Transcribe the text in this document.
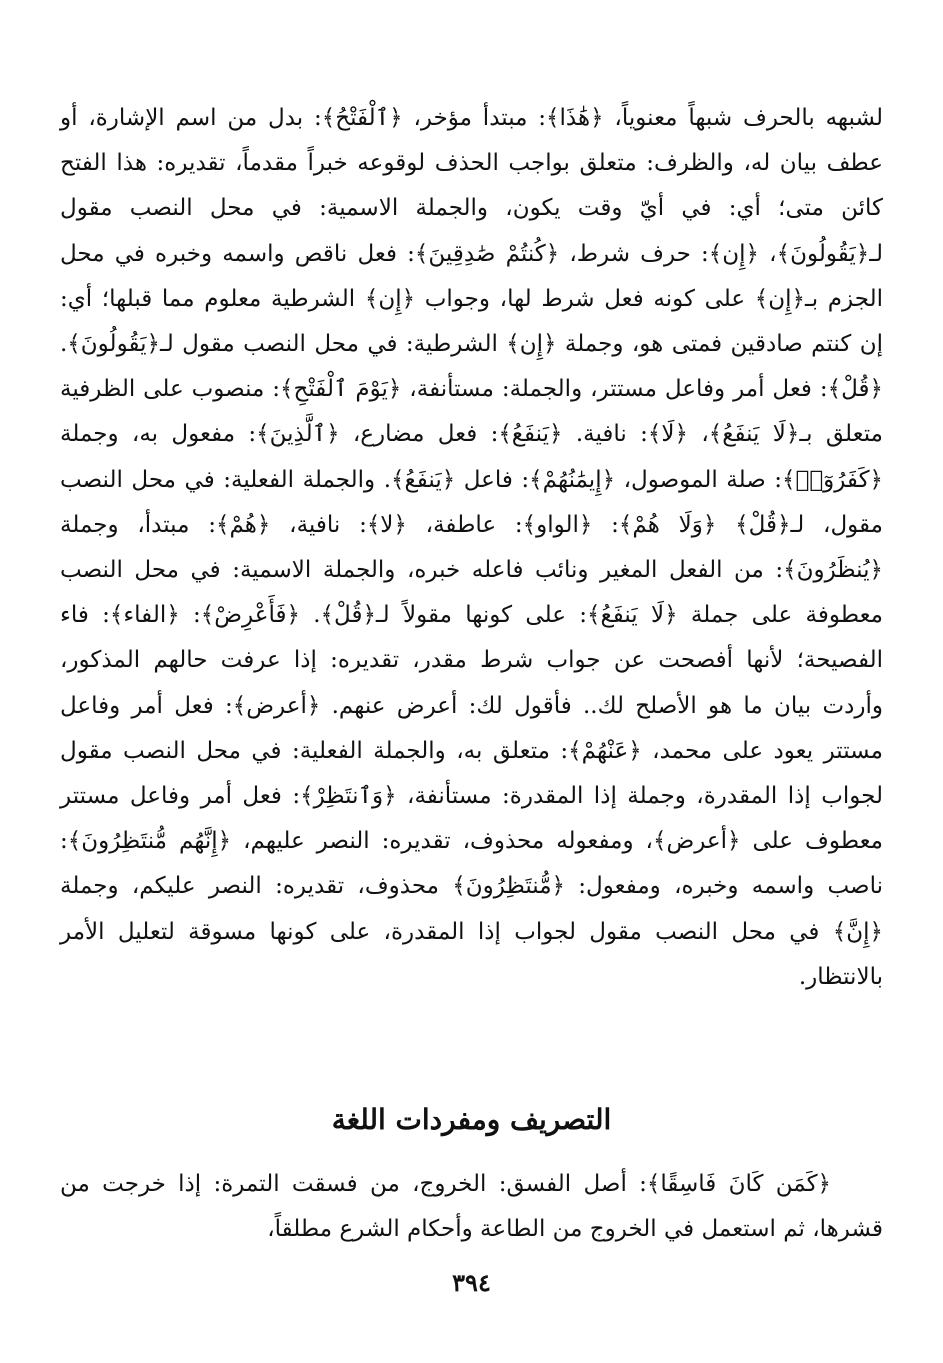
لشبهه بالحرف شبهاً معنوياً، ﴿هَٰذَا﴾: مبتدأ مؤخر، ﴿ٱلْفَتْحُ﴾: بدل من اسم الإشارة، أو عطف بيان له، والظرف: متعلق بواجب الحذف لوقوعه خبراً مقدماً، تقديره: هذا الفتح كائن متى؛ أي: في أيّ وقت يكون، والجملة الاسمية: في محل النصب مقول لـ﴿يَقُولُونَ﴾، ﴿إِن﴾: حرف شرط، ﴿كُنتُمْ صَٰدِقِينَ﴾: فعل ناقص واسمه وخبره في محل الجزم بـ﴿إِن﴾ على كونه فعل شرط لها، وجواب ﴿إِن﴾ الشرطية معلوم مما قبلها؛ أي: إن كنتم صادقين فمتى هو، وجملة ﴿إِن﴾ الشرطية: في محل النصب مقول لـ﴿يَقُولُونَ﴾. ﴿قُلْ﴾: فعل أمر وفاعل مستتر، والجملة: مستأنفة، ﴿يَوْمَ ٱلْفَتْحِ﴾: منصوب على الظرفية متعلق بـ﴿لَا يَنفَعُ﴾، ﴿لَا﴾: نافية. ﴿يَنفَعُ﴾: فعل مضارع، ﴿ٱلَّذِينَ﴾: مفعول به، وجملة ﴿كَفَرُوٓا۟﴾: صلة الموصول، ﴿إِيمَٰنُهُمْ﴾: فاعل ﴿يَنفَعُ﴾. والجملة الفعلية: في محل النصب مقول، لـ﴿قُلْ﴾ ﴿وَلَا هُمْ﴾: ﴿الواو﴾: عاطفة، ﴿لا﴾: نافية، ﴿هُمْ﴾: مبتدأ، وجملة ﴿يُنظَرُونَ﴾: من الفعل المغير ونائب فاعله خبره، والجملة الاسمية: في محل النصب معطوفة على جملة ﴿لَا يَنفَعُ﴾: على كونها مقولاً لـ﴿قُلْ﴾. ﴿فَأَعْرِضْ﴾: ﴿الفاء﴾: فاء الفصيحة؛ لأنها أفصحت عن جواب شرط مقدر، تقديره: إذا عرفت حالهم المذكور، وأردت بيان ما هو الأصلح لك.. فأقول لك: أعرض عنهم. ﴿أعرض﴾: فعل أمر وفاعل مستتر يعود على محمد، ﴿عَنْهُمْ﴾: متعلق به، والجملة الفعلية: في محل النصب مقول لجواب إذا المقدرة، وجملة إذا المقدرة: مستأنفة، ﴿وَٱنتَظِرْ﴾: فعل أمر وفاعل مستتر معطوف على ﴿أعرض﴾، ومفعوله محذوف، تقديره: النصر عليهم، ﴿إِنَّهُم مُّنتَظِرُونَ﴾: ناصب واسمه وخبره، ومفعول: ﴿مُّنتَظِرُونَ﴾ محذوف، تقديره: النصر عليكم، وجملة ﴿إِنَّ﴾ في محل النصب مقول لجواب إذا المقدرة، على كونها مسوقة لتعليل الأمر بالانتظار.

التصريف ومفردات اللغة

﴿كَمَن كَانَ فَاسِقًا﴾: أصل الفسق: الخروج، من فسقت التمرة: إذا خرجت من قشرها، ثم استعمل في الخروج من الطاعة وأحكام الشرع مطلقاً،

٣٩٤
